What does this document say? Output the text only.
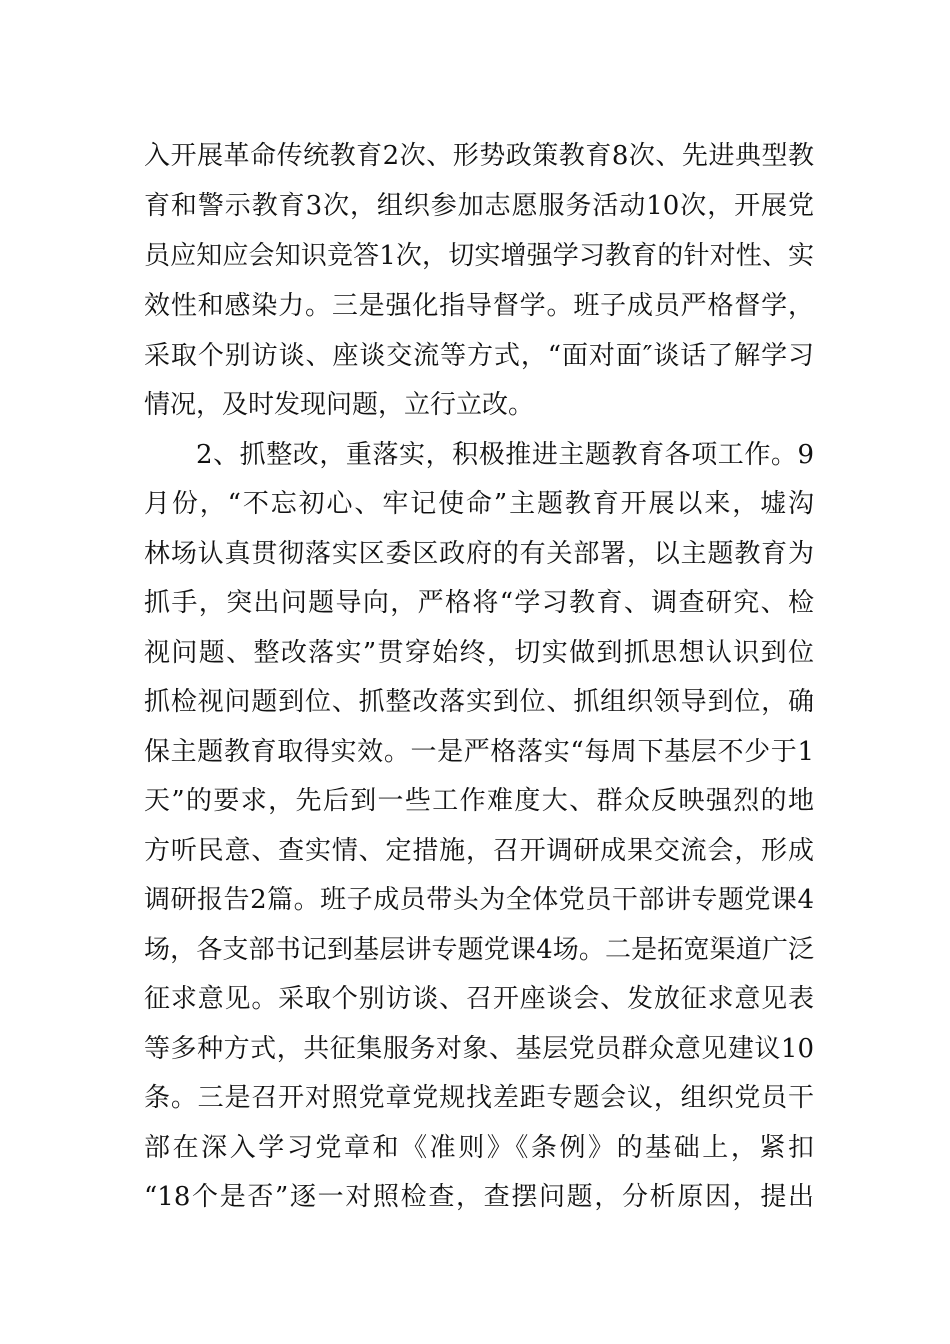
入开展革命传统教育2次、形势政策教育8次、先进典型教
育和警示教育3次，组织参加志愿服务活动10次，开展党
员应知应会知识竞答1次，切实增强学习教育的针对性、实
效性和感染力。三是强化指导督学。班子成员严格督学，
采取个别访谈、座谈交流等方式，“面对面″谈话了解学习
情况，及时发现问题，立行立改。
2、抓整改，重落实，积极推进主题教育各项工作。9
月份，“不忘初心、牢记使命”主题教育开展以来，墟沟
林场认真贯彻落实区委区政府的有关部署，以主题教育为
抓手，突出问题导向，严格将“学习教育、调查研究、检
视问题、整改落实”贯穿始终，切实做到抓思想认识到位
抓检视问题到位、抓整改落实到位、抓组织领导到位，确
保主题教育取得实效。一是严格落实“每周下基层不少于1
天”的要求，先后到一些工作难度大、群众反映强烈的地
方听民意、查实情、定措施，召开调研成果交流会，形成
调研报告2篇。班子成员带头为全体党员干部讲专题党课4
场，各支部书记到基层讲专题党课4场。二是拓宽渠道广泛
征求意见。采取个别访谈、召开座谈会、发放征求意见表
等多种方式，共征集服务对象、基层党员群众意见建议10
条。三是召开对照党章党规找差距专题会议，组织党员干
部在深入学习党章和《准则》《条例》的基础上，紧扣
“18个是否”逐一对照检查，查摆问题，分析原因，提出
